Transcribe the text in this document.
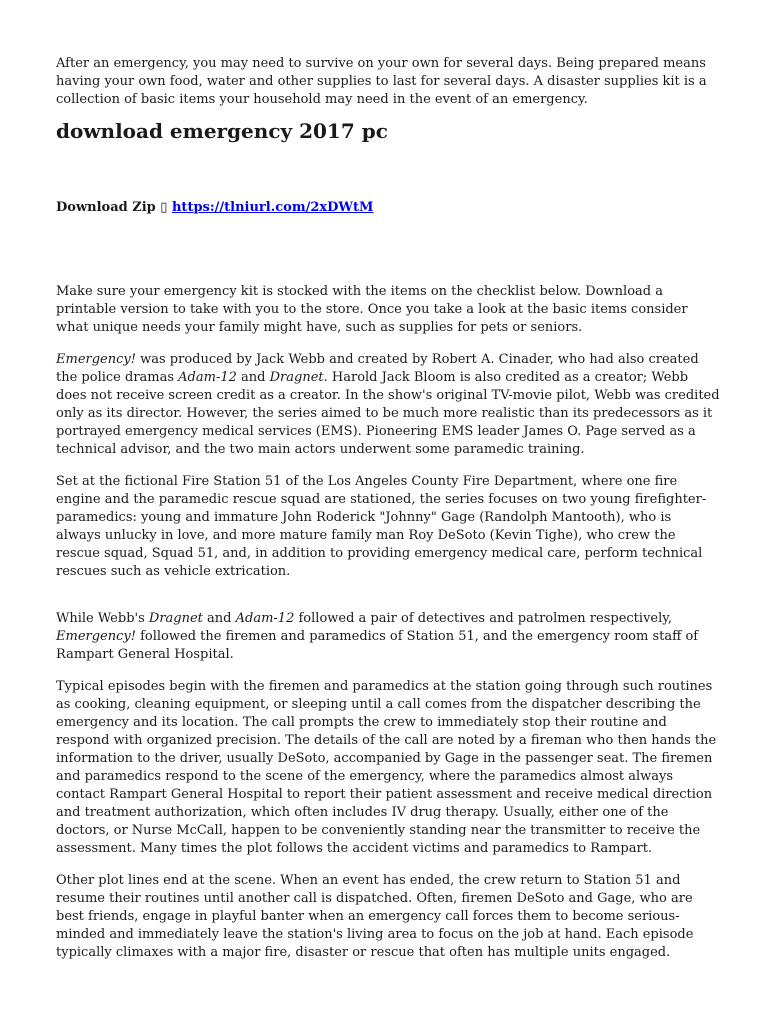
After an emergency, you may need to survive on your own for several days. Being prepared means having your own food, water and other supplies to last for several days. A disaster supplies kit is a collection of basic items your household may need in the event of an emergency.

download emergency 2017 pc
Download Zip ▯ https://tlniurl.com/2xDWtM

Make sure your emergency kit is stocked with the items on the checklist below. Download a printable version to take with you to the store. Once you take a look at the basic items consider what unique needs your family might have, such as supplies for pets or seniors.

Emergency! was produced by Jack Webb and created by Robert A. Cinader, who had also created the police dramas Adam-12 and Dragnet. Harold Jack Bloom is also credited as a creator; Webb does not receive screen credit as a creator. In the show's original TV-movie pilot, Webb was credited only as its director. However, the series aimed to be much more realistic than its predecessors as it portrayed emergency medical services (EMS). Pioneering EMS leader James O. Page served as a technical advisor, and the two main actors underwent some paramedic training.

Set at the fictional Fire Station 51 of the Los Angeles County Fire Department, where one fire engine and the paramedic rescue squad are stationed, the series focuses on two young firefighter-paramedics: young and immature John Roderick "Johnny" Gage (Randolph Mantooth), who is always unlucky in love, and more mature family man Roy DeSoto (Kevin Tighe), who crew the rescue squad, Squad 51, and, in addition to providing emergency medical care, perform technical rescues such as vehicle extrication.

While Webb's Dragnet and Adam-12 followed a pair of detectives and patrolmen respectively, Emergency! followed the firemen and paramedics of Station 51, and the emergency room staff of Rampart General Hospital.

Typical episodes begin with the firemen and paramedics at the station going through such routines as cooking, cleaning equipment, or sleeping until a call comes from the dispatcher describing the emergency and its location. The call prompts the crew to immediately stop their routine and respond with organized precision. The details of the call are noted by a fireman who then hands the information to the driver, usually DeSoto, accompanied by Gage in the passenger seat. The firemen and paramedics respond to the scene of the emergency, where the paramedics almost always contact Rampart General Hospital to report their patient assessment and receive medical direction and treatment authorization, which often includes IV drug therapy. Usually, either one of the doctors, or Nurse McCall, happen to be conveniently standing near the transmitter to receive the assessment. Many times the plot follows the accident victims and paramedics to Rampart.

Other plot lines end at the scene. When an event has ended, the crew return to Station 51 and resume their routines until another call is dispatched. Often, firemen DeSoto and Gage, who are best friends, engage in playful banter when an emergency call forces them to become serious-minded and immediately leave the station's living area to focus on the job at hand. Each episode typically climaxes with a major fire, disaster or rescue that often has multiple units engaged.
